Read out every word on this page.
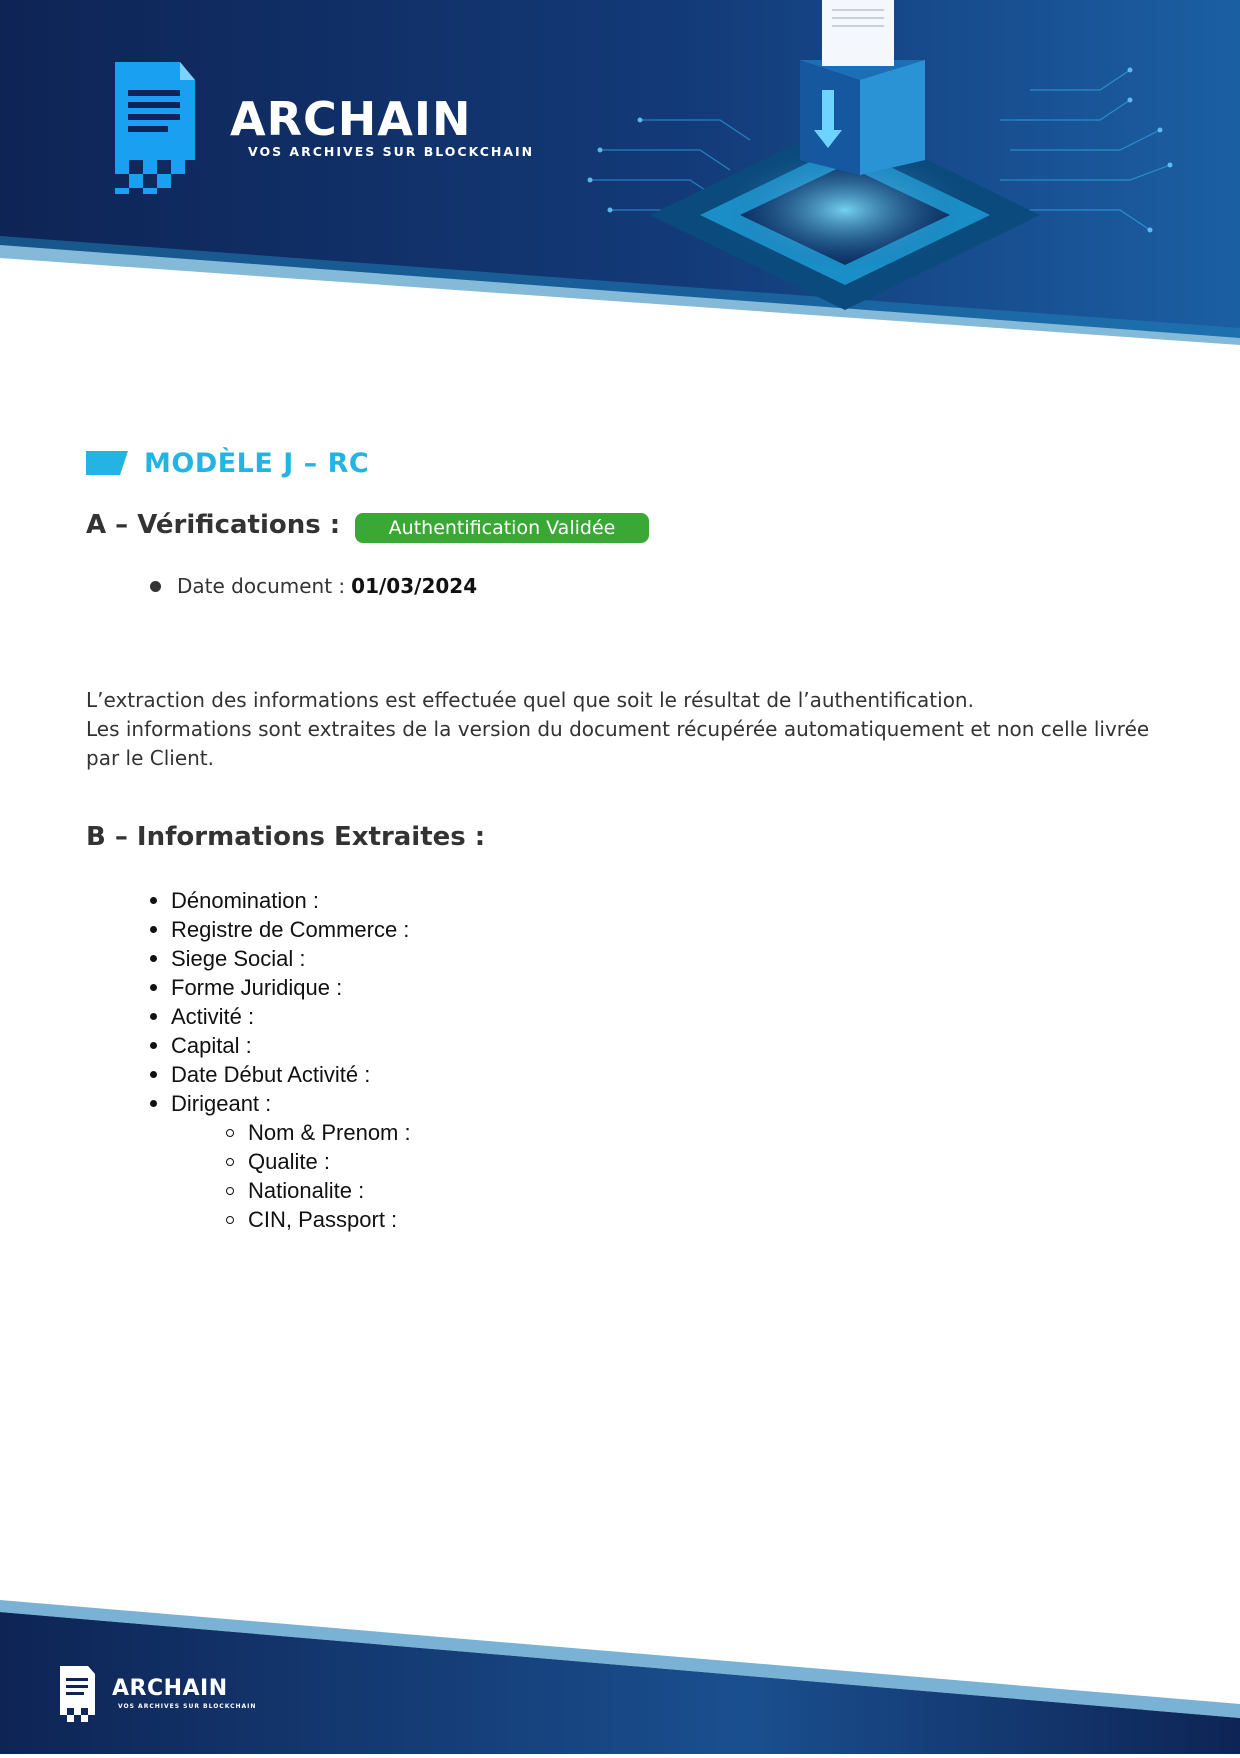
ARCHAIN
VOS ARCHIVES SUR BLOCKCHAIN
MODÈLE J – RC
A – Vérifications :	Authentification Validée
Date document : 01/03/2024

L’extraction des informations est effectuée quel que soit le résultat de l’authentification.

Les informations sont extraites de la version du document récupérée automatiquement et non celle livrée par le Client.

B – Informations Extraites :
Dénomination :
Registre de Commerce :
Siege Social :
Forme Juridique :
Activité :
Capital :
Date Début Activité :
Dirigeant :
Nom & Prenom :
Qualite :
Nationalite :
CIN, Passport :
ARCHAIN
VOS ARCHIVES SUR BLOCKCHAIN
